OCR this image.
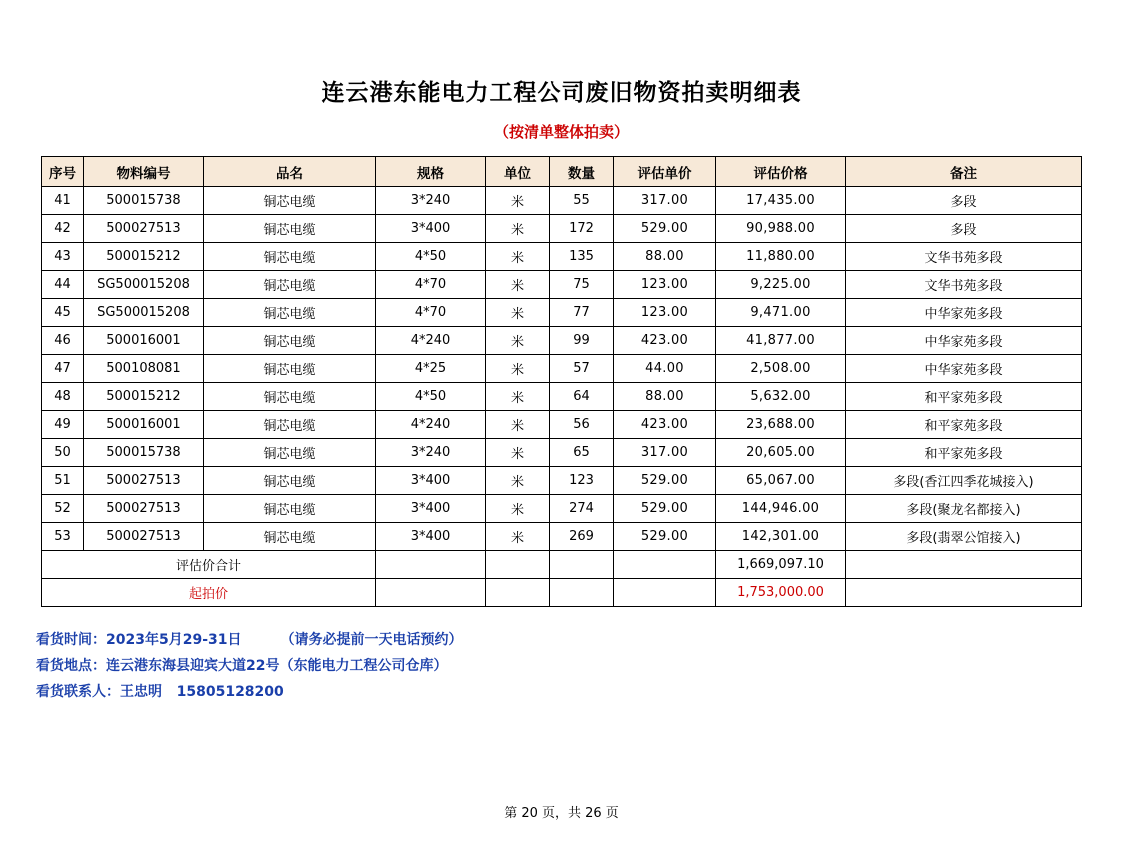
连云港东能电力工程公司废旧物资拍卖明细表
（按清单整体拍卖）
序号	物料编号	品名	规格	单位	数量	评估单价	评估价格	备注
41	500015738	铜芯电缆	3*240	米	55	317.00	17,435.00	多段
42	500027513	铜芯电缆	3*400	米	172	529.00	90,988.00	多段
43	500015212	铜芯电缆	4*50	米	135	88.00	11,880.00	文华书苑多段
44	SG500015208	铜芯电缆	4*70	米	75	123.00	9,225.00	文华书苑多段
45	SG500015208	铜芯电缆	4*70	米	77	123.00	9,471.00	中华家苑多段
46	500016001	铜芯电缆	4*240	米	99	423.00	41,877.00	中华家苑多段
47	500108081	铜芯电缆	4*25	米	57	44.00	2,508.00	中华家苑多段
48	500015212	铜芯电缆	4*50	米	64	88.00	5,632.00	和平家苑多段
49	500016001	铜芯电缆	4*240	米	56	423.00	23,688.00	和平家苑多段
50	500015738	铜芯电缆	3*240	米	65	317.00	20,605.00	和平家苑多段
51	500027513	铜芯电缆	3*400	米	123	529.00	65,067.00	多段(香江四季花城接入)
52	500027513	铜芯电缆	3*400	米	274	529.00	144,946.00	多段(聚龙名都接入)
53	500027513	铜芯电缆	3*400	米	269	529.00	142,301.00	多段(翡翠公馆接入)
评估价合计							1,669,097.10	
起拍价							1,753,000.00	
看货时间：2023年5月29-31日        （请务必提前一天电话预约）
看货地点：连云港东海县迎宾大道22号（东能电力工程公司仓库）
看货联系人：王忠明   15805128200
第 20 页，共 26 页
